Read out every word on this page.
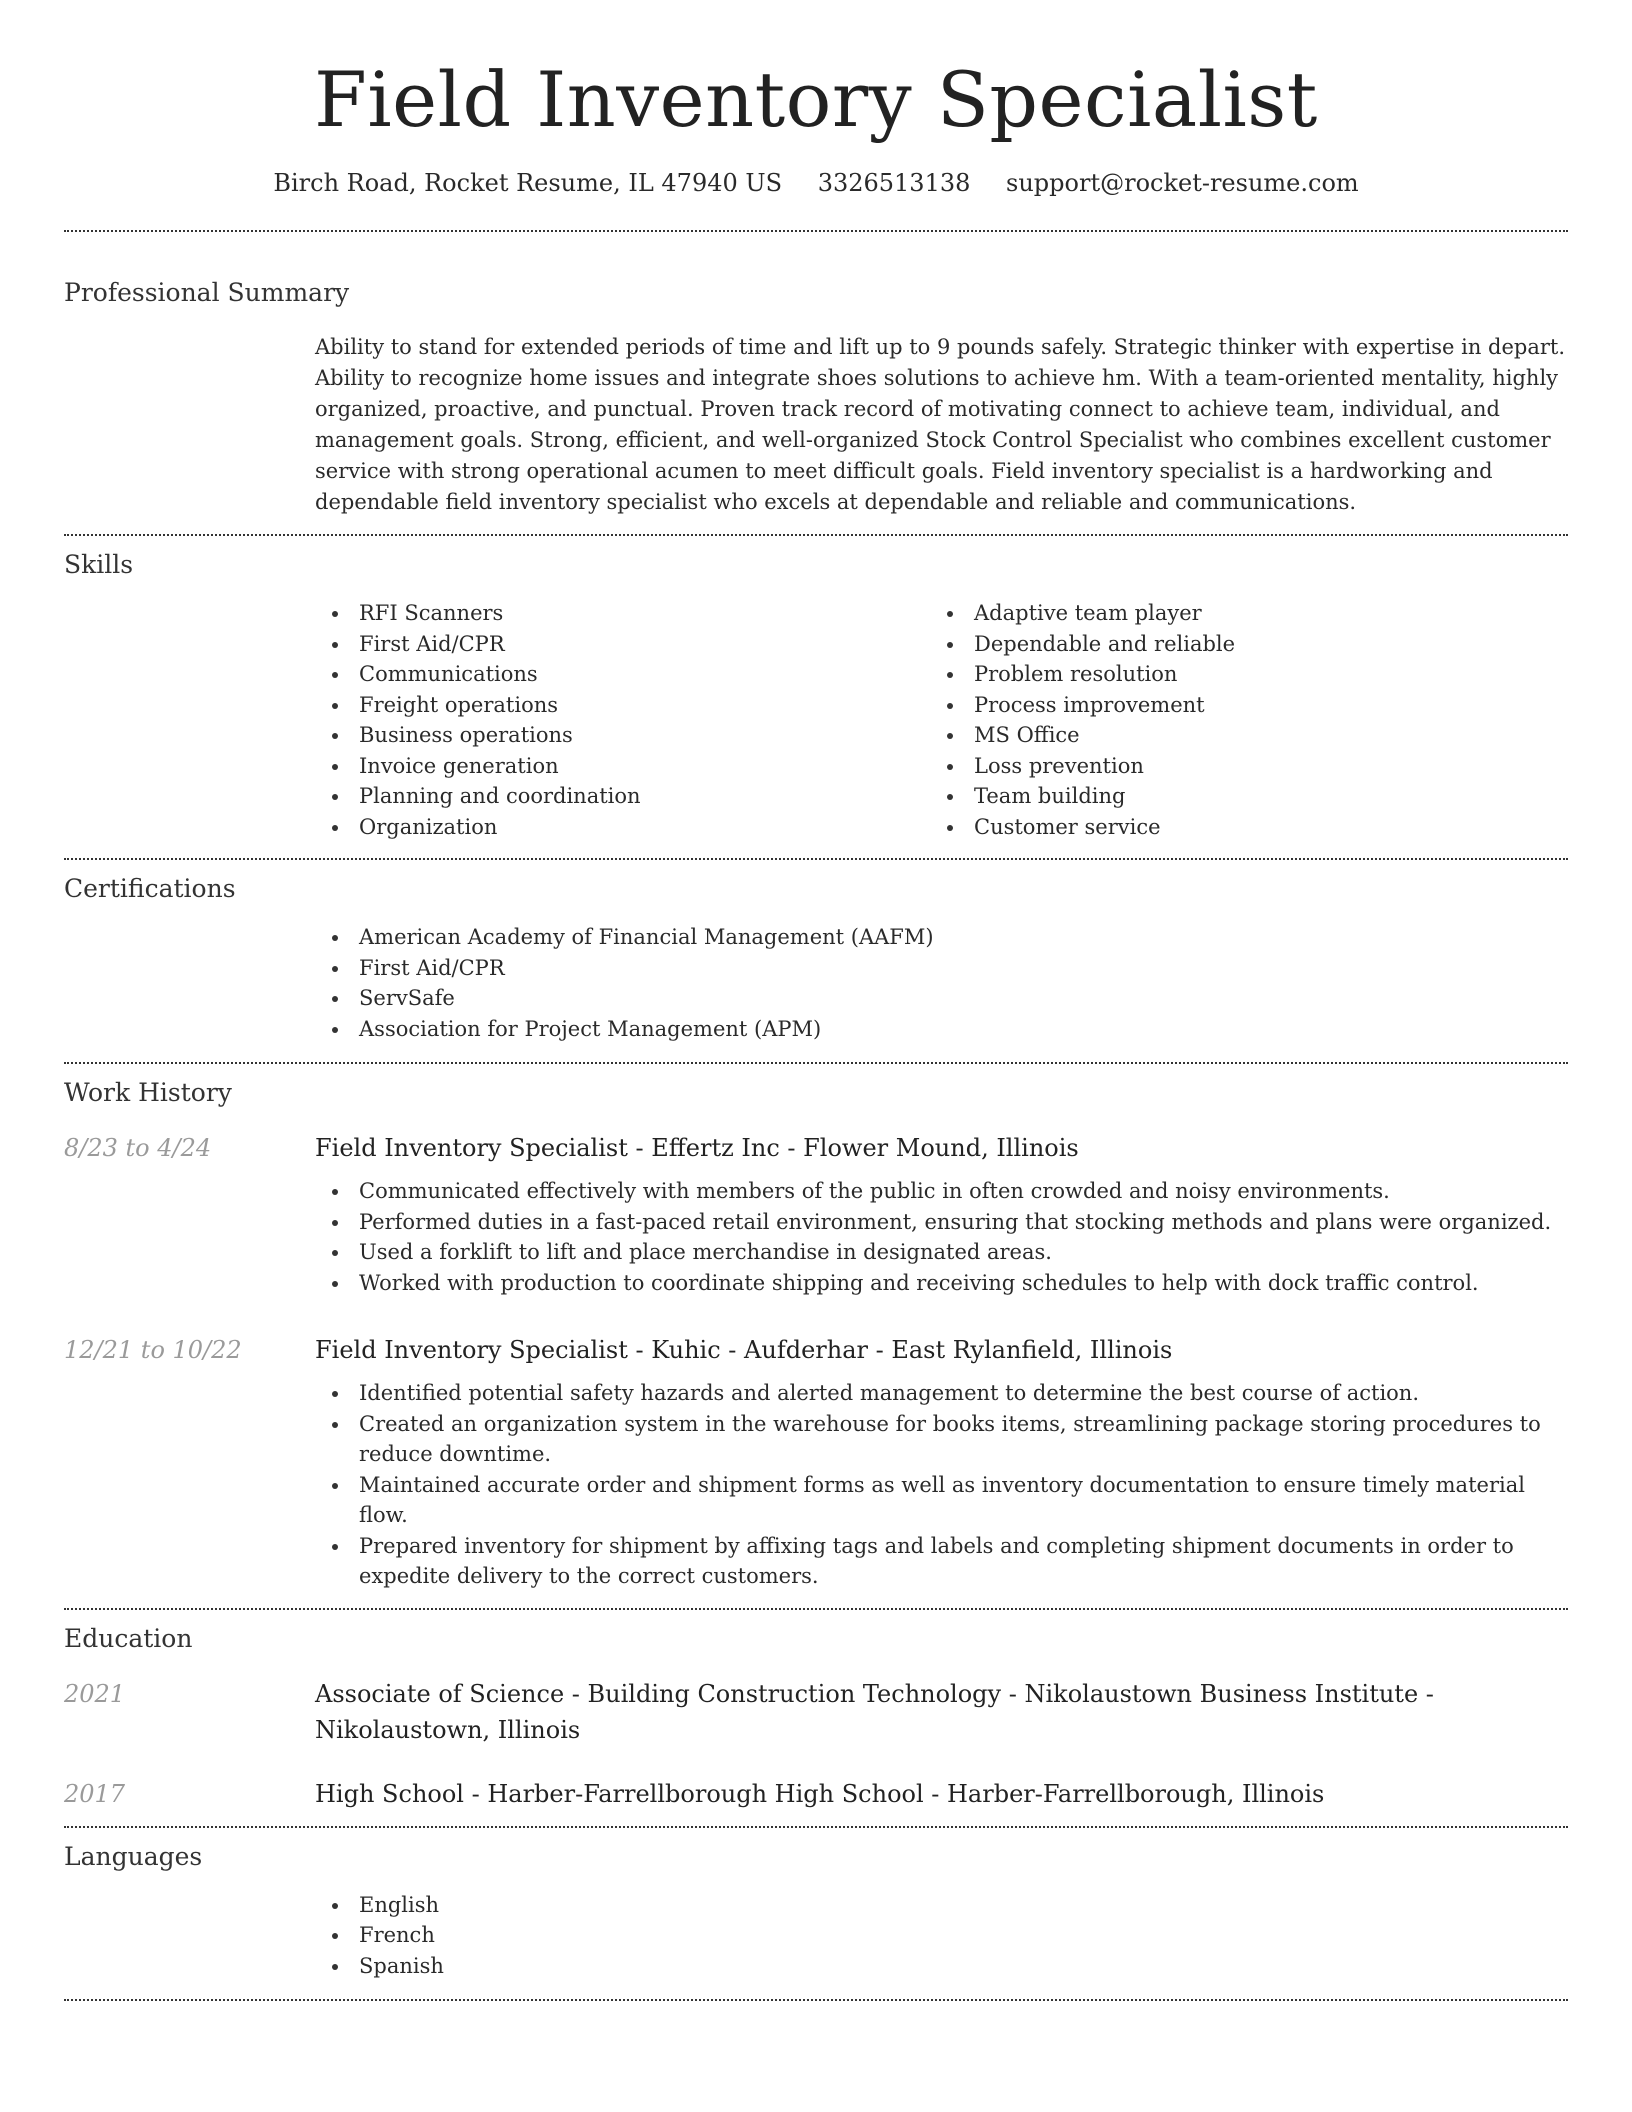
Field Inventory Specialist
Birch Road, Rocket Resume, IL 47940 US 3326513138 support@rocket-resume.com
Professional Summary

Ability to stand for extended periods of time and lift up to 9 pounds safely. Strategic thinker with expertise in depart. Ability to recognize home issues and integrate shoes solutions to achieve hm. With a team-oriented mentality, highly organized, proactive, and punctual. Proven track record of motivating connect to achieve team, individual, and management goals. Strong, efficient, and well-organized Stock Control Specialist who combines excellent customer service with strong operational acumen to meet difficult goals. Field inventory specialist is a hardworking and dependable field inventory specialist who excels at dependable and reliable and communications.

Skills
RFI Scanners
First Aid/CPR
Communications
Freight operations
Business operations
Invoice generation
Planning and coordination
Organization
Adaptive team player
Dependable and reliable
Problem resolution
Process improvement
MS Office
Loss prevention
Team building
Customer service
Certifications
American Academy of Financial Management (AAFM)
First Aid/CPR
ServSafe
Association for Project Management (APM)
Work History
8/23 to 4/24	Field Inventory Specialist - Effertz Inc - Flower Mound, Illinois
Communicated effectively with members of the public in often crowded and noisy environments.
Performed duties in a fast-paced retail environment, ensuring that stocking methods and plans were organized.
Used a forklift to lift and place merchandise in designated areas.
Worked with production to coordinate shipping and receiving schedules to help with dock traffic control.
12/21 to 10/22	Field Inventory Specialist - Kuhic - Aufderhar - East Rylanfield, Illinois
Identified potential safety hazards and alerted management to determine the best course of action.
Created an organization system in the warehouse for books items, streamlining package storing procedures to reduce downtime.
Maintained accurate order and shipment forms as well as inventory documentation to ensure timely material flow.
Prepared inventory for shipment by affixing tags and labels and completing shipment documents in order to expedite delivery to the correct customers.
Education
2021	Associate of Science - Building Construction Technology - Nikolaustown Business Institute - Nikolaustown, Illinois
2017	High School - Harber-Farrellborough High School - Harber-Farrellborough, Illinois
Languages
English
French
Spanish
